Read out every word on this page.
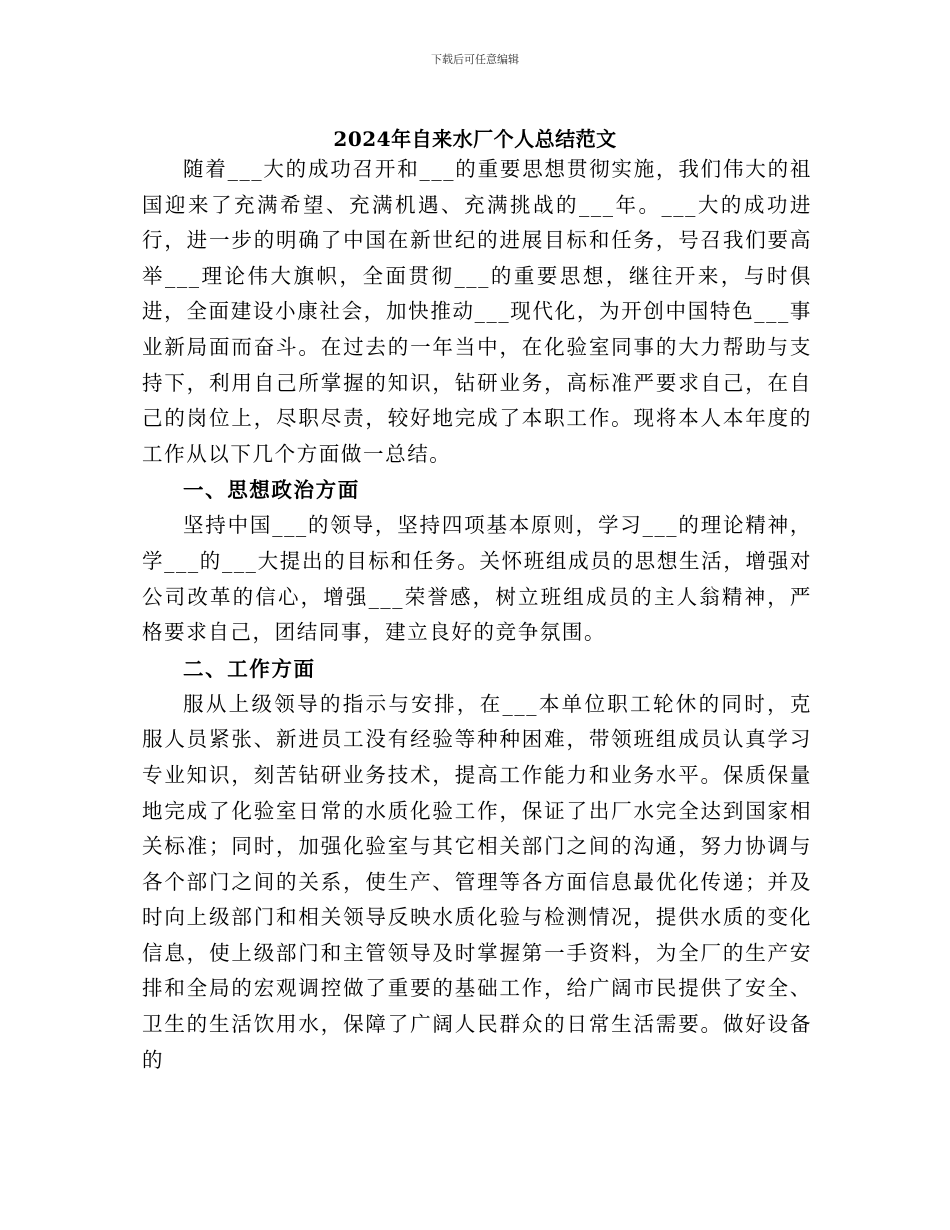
下载后可任意编辑
2024年自来水厂个人总结范文

随着___大的成功召开和___的重要思想贯彻实施，我们伟大的祖国迎来了充满希望、充满机遇、充满挑战的___年。___大的成功进行，进一步的明确了中国在新世纪的进展目标和任务，号召我们要高举___理论伟大旗帜，全面贯彻___的重要思想，继往开来，与时俱进，全面建设小康社会，加快推动___现代化，为开创中国特色___事业新局面而奋斗。在过去的一年当中，在化验室同事的大力帮助与支持下，利用自己所掌握的知识，钻研业务，高标准严要求自己，在自己的岗位上，尽职尽责，较好地完成了本职工作。现将本人本年度的工作从以下几个方面做一总结。

一、思想政治方面

坚持中国___的领导，坚持四项基本原则，学习___的理论精神，学___的___大提出的目标和任务。关怀班组成员的思想生活，增强对公司改革的信心，增强___荣誉感，树立班组成员的主人翁精神，严格要求自己，团结同事，建立良好的竞争氛围。

二、工作方面

服从上级领导的指示与安排，在___本单位职工轮休的同时，克服人员紧张、新进员工没有经验等种种困难，带领班组成员认真学习专业知识，刻苦钻研业务技术，提高工作能力和业务水平。保质保量地完成了化验室日常的水质化验工作，保证了出厂水完全达到国家相关标准；同时，加强化验室与其它相关部门之间的沟通，努力协调与各个部门之间的关系，使生产、管理等各方面信息最优化传递；并及时向上级部门和相关领导反映水质化验与检测情况，提供水质的变化信息，使上级部门和主管领导及时掌握第一手资料，为全厂的生产安排和全局的宏观调控做了重要的基础工作，给广阔市民提供了安全、卫生的生活饮用水，保障了广阔人民群众的日常生活需要。做好设备的
